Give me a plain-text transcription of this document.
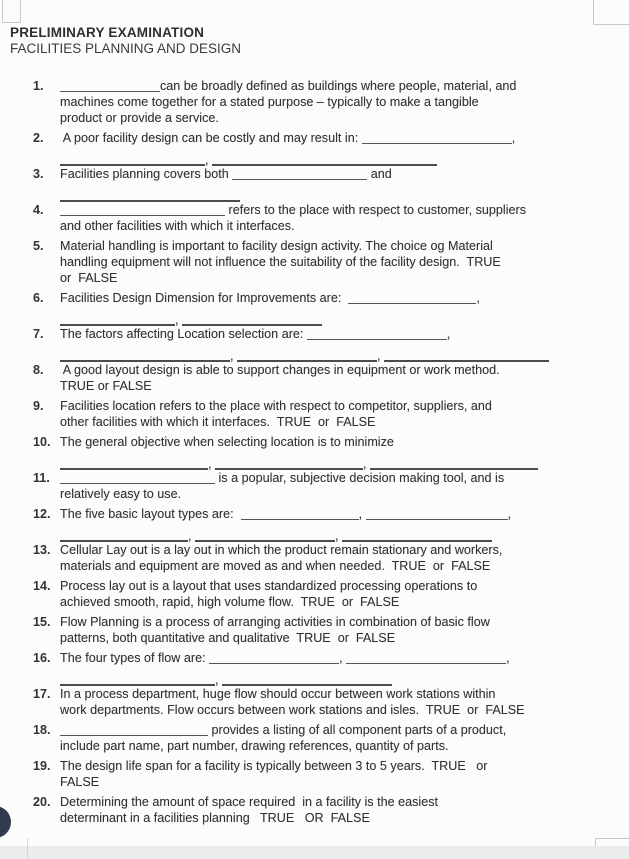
PRELIMINARY EXAMINATION
FACILITIES PLANNING AND DESIGN
1.	can be broadly defined as buildings where people, material, and
machines come together for a stated purpose – typically to make a tangible
product or provide a service.
2.	A poor facility design can be costly and may result in:	,
,
3.	Facilities planning covers both	and
4.	refers to the place with respect to customer, suppliers
and other facilities with which it interfaces.
5.	Material handling is important to facility design activity. The choice og Material
handling equipment will not influence the suitability of the facility design.  TRUE
or  FALSE
6.	Facilities Design Dimension for Improvements are:	,
,
7.	The factors affecting Location selection are:	,
,	,
8.	A good layout design is able to support changes in equipment or work method.
TRUE or FALSE
9.	Facilities location refers to the place with respect to competitor, suppliers, and
other facilities with which it interfaces.  TRUE  or  FALSE
10. The general objective when selecting location is to minimize
,	,
11.	is a popular, subjective decision making tool, and is
relatively easy to use.
12. The five basic layout types are:	,	,
,	,
13. Cellular Lay out is a lay out in which the product remain stationary and workers,
materials and equipment are moved as and when needed.  TRUE  or  FALSE
14. Process lay out is a layout that uses standardized processing operations to
achieved smooth, rapid, high volume flow.  TRUE  or  FALSE
15. Flow Planning is a process of arranging activities in combination of basic flow
patterns, both quantitative and qualitative  TRUE  or  FALSE
16. The four types of flow are:	,	,
,
17. In a process department, huge flow should occur between work stations within
work departments. Flow occurs between work stations and isles.  TRUE  or  FALSE
18.	provides a listing of all component parts of a product,
include part name, part number, drawing references, quantity of parts.
19. The design life span for a facility is typically between 3 to 5 years.  TRUE   or
FALSE
20. Determining the amount of space required  in a facility is the easiest
determinant in a facilities planning   TRUE   OR  FALSE
